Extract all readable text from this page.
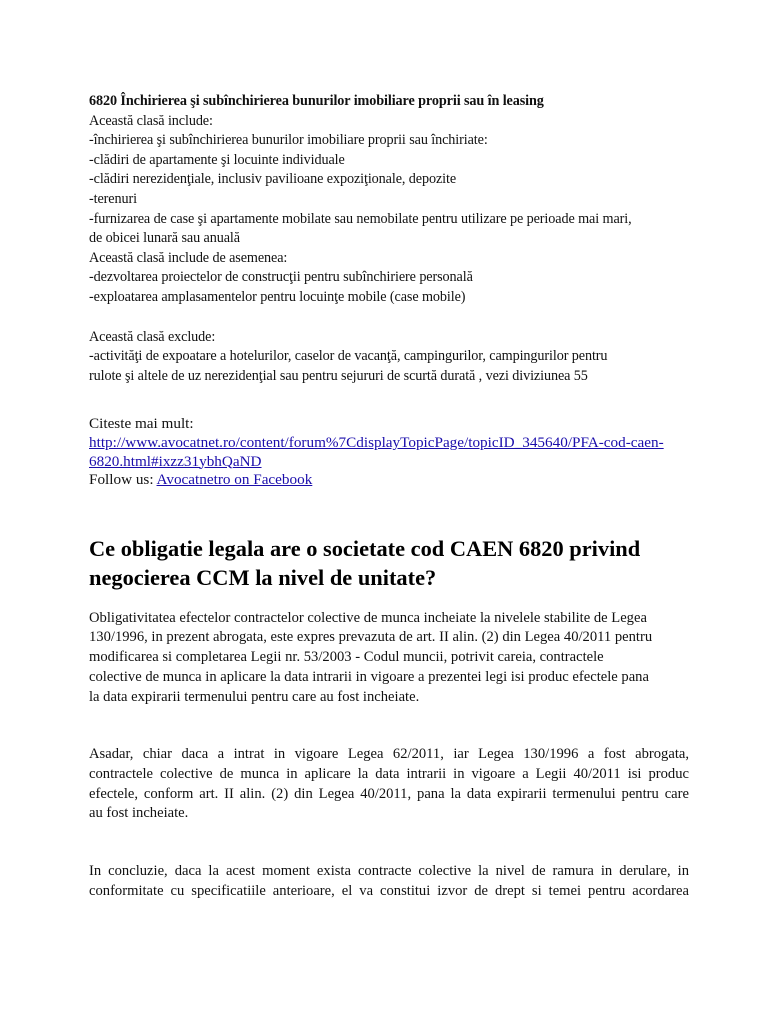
6820 Închirierea şi subînchirierea bunurilor imobiliare proprii sau în leasing
Această clasă include:
-închirierea şi subînchirierea bunurilor imobiliare proprii sau închiriate:
-clădiri de apartamente şi locuinte individuale
-clădiri nerezidenţiale, inclusiv pavilioane expoziţionale, depozite
-terenuri
-furnizarea de case şi apartamente mobilate sau nemobilate pentru utilizare pe perioade mai mari,
de obicei lunară sau anuală
Această clasă include de asemenea:
-dezvoltarea proiectelor de construcţii pentru subînchiriere personală
-exploatarea amplasamentelor pentru locuinţe mobile (case mobile)
Această clasă exclude:
-activităţi de expoatare a hotelurilor, caselor de vacanţă, campingurilor, campingurilor pentru
rulote şi altele de uz nerezidenţial sau pentru sejururi de scurtă durată , vezi diviziunea 55
Citeste mai mult:
http://www.avocatnet.ro/content/forum%7CdisplayTopicPage/topicID_345640/PFA-cod-caen-
6820.html#ixzz31ybhQaND
Follow us: Avocatnetro on Facebook
Ce obligatie legala are o societate cod CAEN 6820 privind
negocierea CCM la nivel de unitate?
Obligativitatea efectelor contractelor colective de munca incheiate la nivelele stabilite de Legea
130/1996, in prezent abrogata, este expres prevazuta de art. II alin. (2) din Legea 40/2011 pentru
modificarea si completarea Legii nr. 53/2003 - Codul muncii, potrivit careia, contractele
colective de munca in aplicare la data intrarii in vigoare a prezentei legi isi produc efectele pana
la data expirarii termenului pentru care au fost incheiate.
Asadar, chiar daca a intrat in vigoare Legea 62/2011, iar Legea 130/1996 a fost abrogata,
contractele colective de munca in aplicare la data intrarii in vigoare a Legii 40/2011 isi produc
efectele, conform art. II alin. (2) din Legea 40/2011, pana la data expirarii termenului pentru care
au fost incheiate.
In concluzie, daca la acest moment exista contracte colective la nivel de ramura in derulare, in
conformitate cu specificatiile anterioare, el va constitui izvor de drept si temei pentru acordarea
